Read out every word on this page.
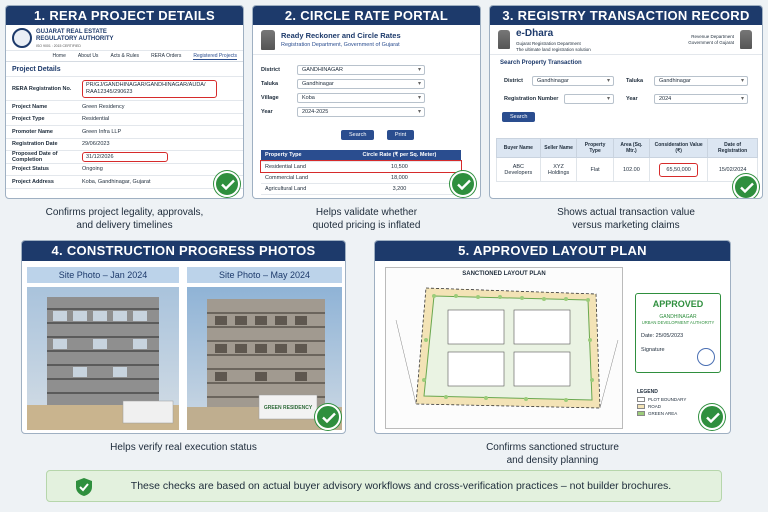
1. RERA PROJECT DETAILS
GUJARAT REAL ESTATE
REGULATORY AUTHORITY
ISO 9001 : 2015 CERTIFIED
Home About Us Acts & Rules RERA Orders Registered Projects
Project Details
RERA Registration No.
PR/GJ/GANDHINAGAR/GANDHINAGAR/AUDA/ RAA12345/290623
Project Name	Green Residency
Project Type	Residential
Promoter Name	Green Infra LLP
Registration Date	29/06/2023
Proposed Date of Completion	31/12/2026
Project Status	Ongoing
Project Address	Koba, Gandhinagar, Gujarat
Confirms project legality, approvals,
and delivery timelines
2. CIRCLE RATE PORTAL
Ready Reckoner and Circle Rates
Registration Department, Government of Gujarat
District	GANDHINAGAR ▾
Taluka	Gandhinagar ▾
Village	Koba ▾
Year	2024-2025 ▾
Search	Print
Property Type	Circle Rate (₹ per Sq. Meter)
Residential Land	10,500
Commercial Land	18,000
Agricultural Land	3,200
Helps validate whether
quoted pricing is inflated
3. REGISTRY TRANSACTION RECORD
e-Dhara
Gujarat Registration Department
The ultimate land registration solution
Revenue Department
Government of Gujarat
Search Property Transaction
District	Gandhinagar ▾	Taluka	Gandhinagar ▾
Registration Number ▾	Year	2024 ▾
Search
Buyer Name	Seller Name	Property Type	Area (Sq. Mtr.)	Consideration Value (₹)	Date of Registration
ABC Developers	XYZ Holdings	Flat	102.00	65,50,000	15/02/2024
Shows actual transaction value
versus marketing claims
4. CONSTRUCTION PROGRESS PHOTOS
Site Photo – Jan 2024	Site Photo – May 2024
GREEN RESIDENCY
Helps verify real execution status
5. APPROVED LAYOUT PLAN
SANCTIONED LAYOUT PLAN
APPROVED
GANDHINAGAR
URBAN DEVELOPMENT AUTHORITY
Date: 25/05/2023
Signature
LEGEND
PLOT BOUNDARY
ROAD
GREEN AREA
Confirms sanctioned structure
and density planning
These checks are based on actual buyer advisory workflows and cross-verification practices – not builder brochures.
